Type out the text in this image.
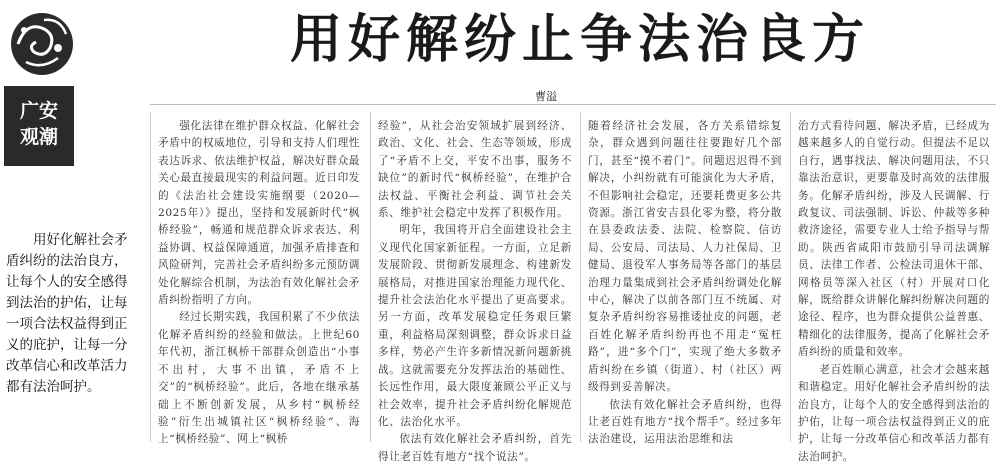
广安
观潮
用好解纷止争法治良方
曹溢
用好化解社会矛盾纠纷的法治良方，让每个人的安全感得到法治的护佑，让每一项合法权益得到正义的庇护，让每一分改革信心和改革活力都有法治呵护。

强化法律在维护群众权益、化解社会矛盾中的权威地位，引导和支持人们理性表达诉求、依法维护权益，解决好群众最关心最直接最现实的利益问题。近日印发的《法治社会建设实施纲要（2020—2025年）》提出，坚持和发展新时代“枫桥经验”，畅通和规范群众诉求表达、利益协调、权益保障通道，加强矛盾排查和风险研判，完善社会矛盾纠纷多元预防调处化解综合机制，为法治有效化解社会矛盾纠纷指明了方向。

经过长期实践，我国积累了不少依法化解矛盾纠纷的经验和做法。上世纪60年代初，浙江枫桥干部群众创造出“小事不出村，大事不出镇，矛盾不上交”的“枫桥经验”。此后，各地在继承基础上不断创新发展，从乡村“枫桥经验”衍生出城镇社区“枫桥经验”、海上“枫桥经验”、网上“枫桥

经验”，从社会治安领域扩展到经济、政治、文化、社会、生态等领域，形成了“矛盾不上交，平安不出事，服务不缺位”的新时代“枫桥经验”，在维护合法权益、平衡社会利益、调节社会关系、维护社会稳定中发挥了积极作用。

明年，我国将开启全面建设社会主义现代化国家新征程。一方面，立足新发展阶段、贯彻新发展理念、构建新发展格局，对推进国家治理能力现代化、提升社会法治化水平提出了更高要求。另一方面，改革发展稳定任务艰巨繁重，利益格局深刻调整，群众诉求日益多样，势必产生许多新情况新问题新挑战。这就需要充分发挥法治的基础性、长远性作用，最大限度兼顾公平正义与社会效率，提升社会矛盾纠纷化解规范化、法治化水平。

依法有效化解社会矛盾纠纷，首先得让老百姓有地方“找个说法”。

随着经济社会发展，各方关系错综复杂，群众遇到问题往往要跑好几个部门，甚至“摸不着门”。问题迟迟得不到解决，小纠纷就有可能演化为大矛盾，不但影响社会稳定，还要耗费更多公共资源。浙江省安吉县化零为整，将分散在县委政法委、法院、检察院、信访局、公安局、司法局、人力社保局、卫健局、退役军人事务局等各部门的基层治理力量集成到社会矛盾纠纷调处化解中心，解决了以前各部门互不统属、对复杂矛盾纠纷容易推诿扯皮的问题，老百姓化解矛盾纠纷再也不用走“冤枉路”，进“多个门”，实现了绝大多数矛盾纠纷在乡镇（街道）、村（社区）两级得到妥善解决。

依法有效化解社会矛盾纠纷，也得让老百姓有地方“找个帮手”。经过多年法治建设，运用法治思维和法

治方式看待问题、解决矛盾，已经成为越来越多人的自觉行动。但提法不足以自行，遇事找法、解决问题用法，不只靠法治意识，更要靠及时高效的法律服务。化解矛盾纠纷，涉及人民调解、行政复议、司法强制、诉讼、仲裁等多种救济途径，需要专业人士给予指导与帮助。陕西省咸阳市鼓励引导司法调解员、法律工作者、公检法司退休干部、网格员等深入社区（村）开展对口化解，既给群众讲解化解纠纷解决问题的途径、程序，也为群众提供公益普惠、精细化的法律服务，提高了化解社会矛盾纠纷的质量和效率。

老百姓顺心满意，社会才会越来越和谐稳定。用好化解社会矛盾纠纷的法治良方，让每个人的安全感得到法治的护佑，让每一项合法权益得到正义的庇护，让每一分改革信心和改革活力都有法治呵护。
